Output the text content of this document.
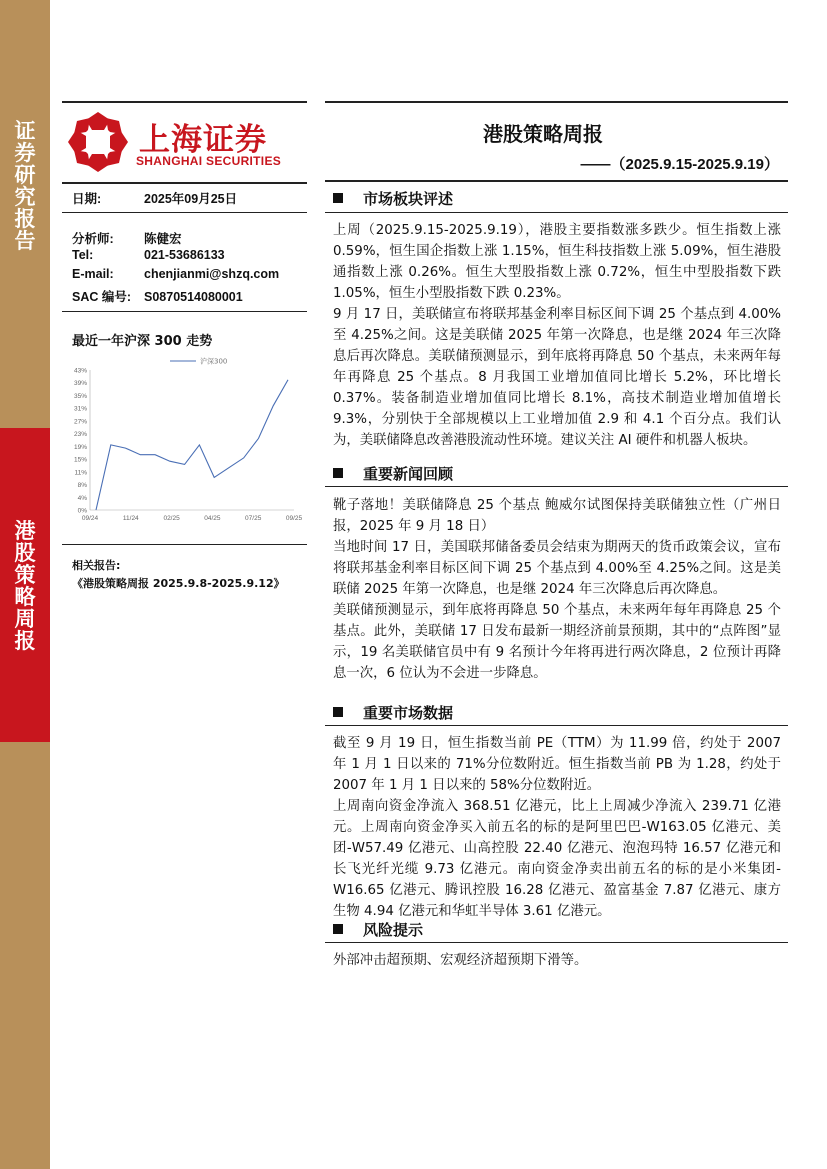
证
券
研
究
报
告
港
股
策
略
周
报
上海证券
SHANGHAI SECURITIES
港股策略周报
——（2025.9.15-2025.9.19）
日期:	2025年09月25日
分析师: 陈健宏
Tel:	021-53686133
E-mail: chenjianmi@shzq.com
SAC 编号: S0870514080001
最近一年沪深 300 走势
0%
4%
8%
11%
15%
19%
23%
27%
31%
35%
39%
43%
09/24	11/24	02/25	04/25	07/25	09/25
沪深300
相关报告:
《港股策略周报 2025.9.8-2025.9.12》
市场板块评述

上周（2025.9.15-2025.9.19），港股主要指数涨多跌少。恒生指数上涨 0.59%，恒生国企指数上涨 1.15%，恒生科技指数上涨 5.09%，恒生港股通指数上涨 0.26%。恒生大型股指数上涨 0.72%，恒生中型股指数下跌 1.05%，恒生小型股指数下跌 0.23%。

9 月 17 日，美联储宣布将联邦基金利率目标区间下调 25 个基点到 4.00%至 4.25%之间。这是美联储 2025 年第一次降息，也是继 2024 年三次降息后再次降息。美联储预测显示，到年底将再降息 50 个基点，未来两年每年再降息 25 个基点。8 月我国工业增加值同比增长 5.2%，环比增长 0.37%。装备制造业增加值同比增长 8.1%，高技术制造业增加值增长 9.3%，分别快于全部规模以上工业增加值 2.9 和 4.1 个百分点。我们认为，美联储降息改善港股流动性环境。建议关注 AI 硬件和机器人板块。

重要新闻回顾

靴子落地！美联储降息 25 个基点 鲍威尔试图保持美联储独立性（广州日报，2025 年 9 月 18 日）

当地时间 17 日，美国联邦储备委员会结束为期两天的货币政策会议，宣布将联邦基金利率目标区间下调 25 个基点到 4.00%至 4.25%之间。这是美联储 2025 年第一次降息，也是继 2024 年三次降息后再次降息。

美联储预测显示，到年底将再降息 50 个基点，未来两年每年再降息 25 个基点。此外，美联储 17 日发布最新一期经济前景预期，其中的“点阵图”显示，19 名美联储官员中有 9 名预计今年将再进行两次降息，2 位预计再降息一次，6 位认为不会进一步降息。

重要市场数据

截至 9 月 19 日，恒生指数当前 PE（TTM）为 11.99 倍，约处于 2007 年 1 月 1 日以来的 71%分位数附近。恒生指数当前 PB 为 1.28，约处于 2007 年 1 月 1 日以来的 58%分位数附近。

上周南向资金净流入 368.51 亿港元，比上上周减少净流入 239.71 亿港元。上周南向资金净买入前五名的标的是阿里巴巴-W163.05 亿港元、美团-W57.49 亿港元、山高控股 22.40 亿港元、泡泡玛特 16.57 亿港元和长飞光纤光缆 9.73 亿港元。南向资金净卖出前五名的标的是小米集团-W16.65 亿港元、腾讯控股 16.28 亿港元、盈富基金 7.87 亿港元、康方生物 4.94 亿港元和华虹半导体 3.61 亿港元。

风险提示

外部冲击超预期、宏观经济超预期下滑等。
